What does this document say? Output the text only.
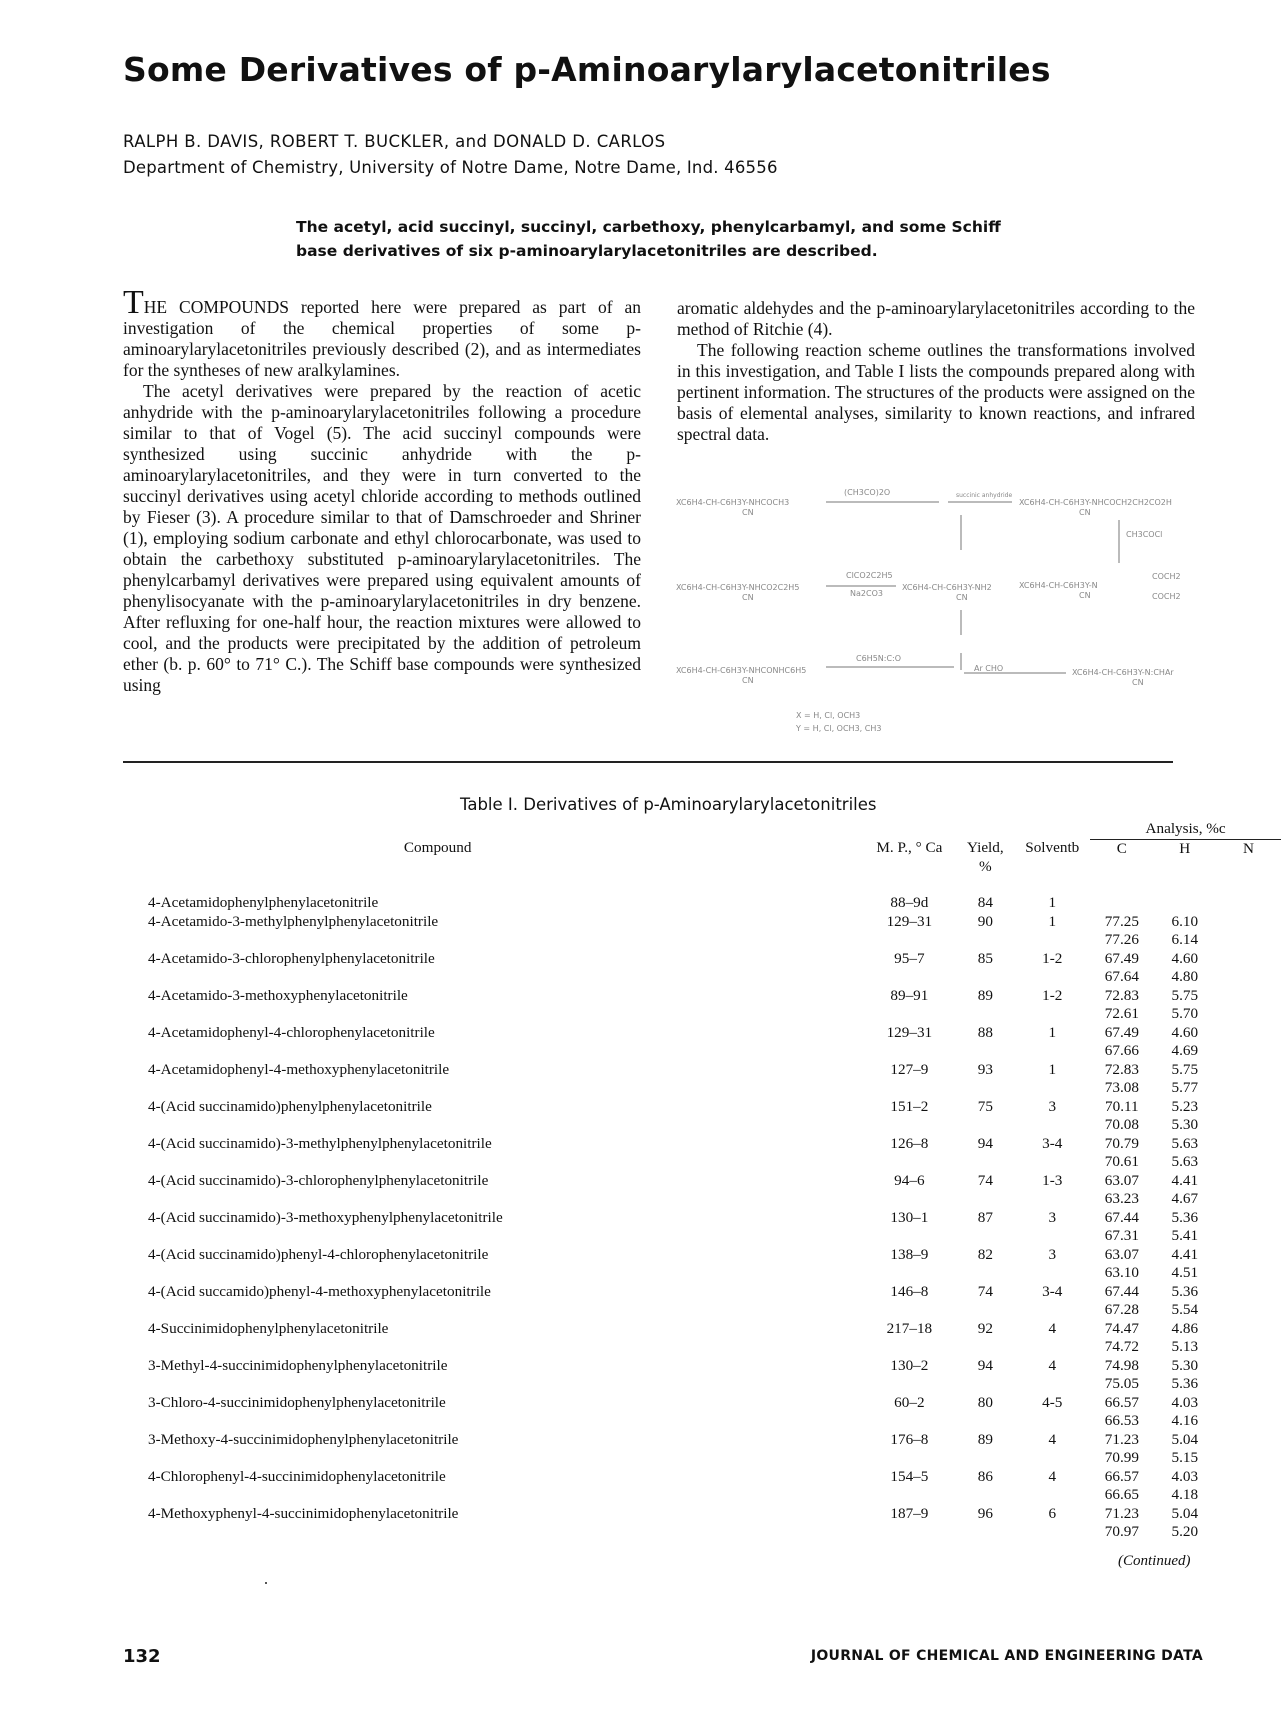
Some Derivatives of p-Aminoarylarylacetonitriles
RALPH B. DAVIS, ROBERT T. BUCKLER, and DONALD D. CARLOS
Department of Chemistry, University of Notre Dame, Notre Dame, Ind. 46556
The acetyl, acid succinyl, succinyl, carbethoxy, phenylcarbamyl, and some Schiff base derivatives of six p-aminoarylarylacetonitriles are described.

THE COMPOUNDS reported here were prepared as part of an investigation of the chemical properties of some p-aminoarylarylacetonitriles previously described (2), and as intermediates for the syntheses of new aralkylamines.

The acetyl derivatives were prepared by the reaction of acetic anhydride with the p-aminoarylarylacetonitriles following a procedure similar to that of Vogel (5). The acid succinyl compounds were synthesized using succinic anhydride with the p-aminoarylarylacetonitriles, and they were in turn converted to the succinyl derivatives using acetyl chloride according to methods outlined by Fieser (3). A procedure similar to that of Damschroeder and Shriner (1), employing sodium carbonate and ethyl chlorocarbonate, was used to obtain the carbethoxy substituted p-aminoarylarylacetonitriles. The phenylcarbamyl derivatives were prepared using equivalent amounts of phenylisocyanate with the p-aminoarylarylacetonitriles in dry benzene. After refluxing for one-half hour, the reaction mixtures were allowed to cool, and the products were precipitated by the addition of petroleum ether (b. p. 60° to 71° C.). The Schiff base compounds were synthesized using

aromatic aldehydes and the p-aminoarylarylacetonitriles according to the method of Ritchie (4).

The following reaction scheme outlines the transformations involved in this investigation, and Table I lists the compounds prepared along with pertinent information. The structures of the products were assigned on the basis of elemental analyses, similarity to known reactions, and infrared spectral data.

XC6H4-CH-C6H3Y-NHCOCH3
CN
(CH3CO)2O	succinic anhydride
XC6H4-CH-C6H3Y-NHCOCH2CH2CO2H
CN
CH3COCl
XC6H4-CH-C6H3Y-NHCO2C2H5
CN
ClCO2C2H5
Na2CO3
XC6H4-CH-C6H3Y-NH2
CN
XC6H4-CH-C6H3Y-N
CN
COCH2
COCH2
XC6H4-CH-C6H3Y-NHCONHC6H5
CN
C6H5N:C:O
Ar CHO	XC6H4-CH-C6H3Y-N:CHAr
CN
X = H, Cl, OCH3
Y = H, Cl, OCH3, CH3
Table I. Derivatives of p-Aminoarylarylacetonitriles
				Analysis, %c		
Compound	M. P., ° Ca	Yield,
%	Solventb	C	H	N

4-Acetamidophenylphenylacetonitrile	88–9d	84	1			

4-Acetamido-3-methylphenylphenylacetonitrile	129–31	90	1	77.25	6.10	
				77.26	6.14	
4-Acetamido-3-chlorophenylphenylacetonitrile	95–7	85	1-2	67.49	4.60	
				67.64	4.80	
4-Acetamido-3-methoxyphenylacetonitrile	89–91	89	1-2	72.83	5.75	
				72.61	5.70	
4-Acetamidophenyl-4-chlorophenylacetonitrile	129–31	88	1	67.49	4.60	
				67.66	4.69	
4-Acetamidophenyl-4-methoxyphenylacetonitrile	127–9	93	1	72.83	5.75	
				73.08	5.77	
4-(Acid succinamido)phenylphenylacetonitrile	151–2	75	3	70.11	5.23	
				70.08	5.30	
4-(Acid succinamido)-3-methylphenylphenylacetonitrile	126–8	94	3-4	70.79	5.63	
				70.61	5.63	
4-(Acid succinamido)-3-chlorophenylphenylacetonitrile	94–6	74	1-3	63.07	4.41	
				63.23	4.67	
4-(Acid succinamido)-3-methoxyphenylphenylacetonitrile	130–1	87	3	67.44	5.36	
				67.31	5.41	
4-(Acid succinamido)phenyl-4-chlorophenylacetonitrile	138–9	82	3	63.07	4.41	
				63.10	4.51	
4-(Acid succamido)phenyl-4-methoxyphenylacetonitrile	146–8	74	3-4	67.44	5.36	
				67.28	5.54	
4-Succinimidophenylphenylacetonitrile	217–18	92	4	74.47	4.86	
				74.72	5.13	
3-Methyl-4-succinimidophenylphenylacetonitrile	130–2	94	4	74.98	5.30	
				75.05	5.36	
3-Chloro-4-succinimidophenylphenylacetonitrile	60–2	80	4-5	66.57	4.03	
				66.53	4.16	
3-Methoxy-4-succinimidophenylphenylacetonitrile	176–8	89	4	71.23	5.04	
				70.99	5.15	
4-Chlorophenyl-4-succinimidophenylacetonitrile	154–5	86	4	66.57	4.03	
				66.65	4.18	
4-Methoxyphenyl-4-succinimidophenylacetonitrile	187–9	96	6	71.23	5.04	
				70.97	5.20	
(Continued)
132	JOURNAL OF CHEMICAL AND ENGINEERING DATA
